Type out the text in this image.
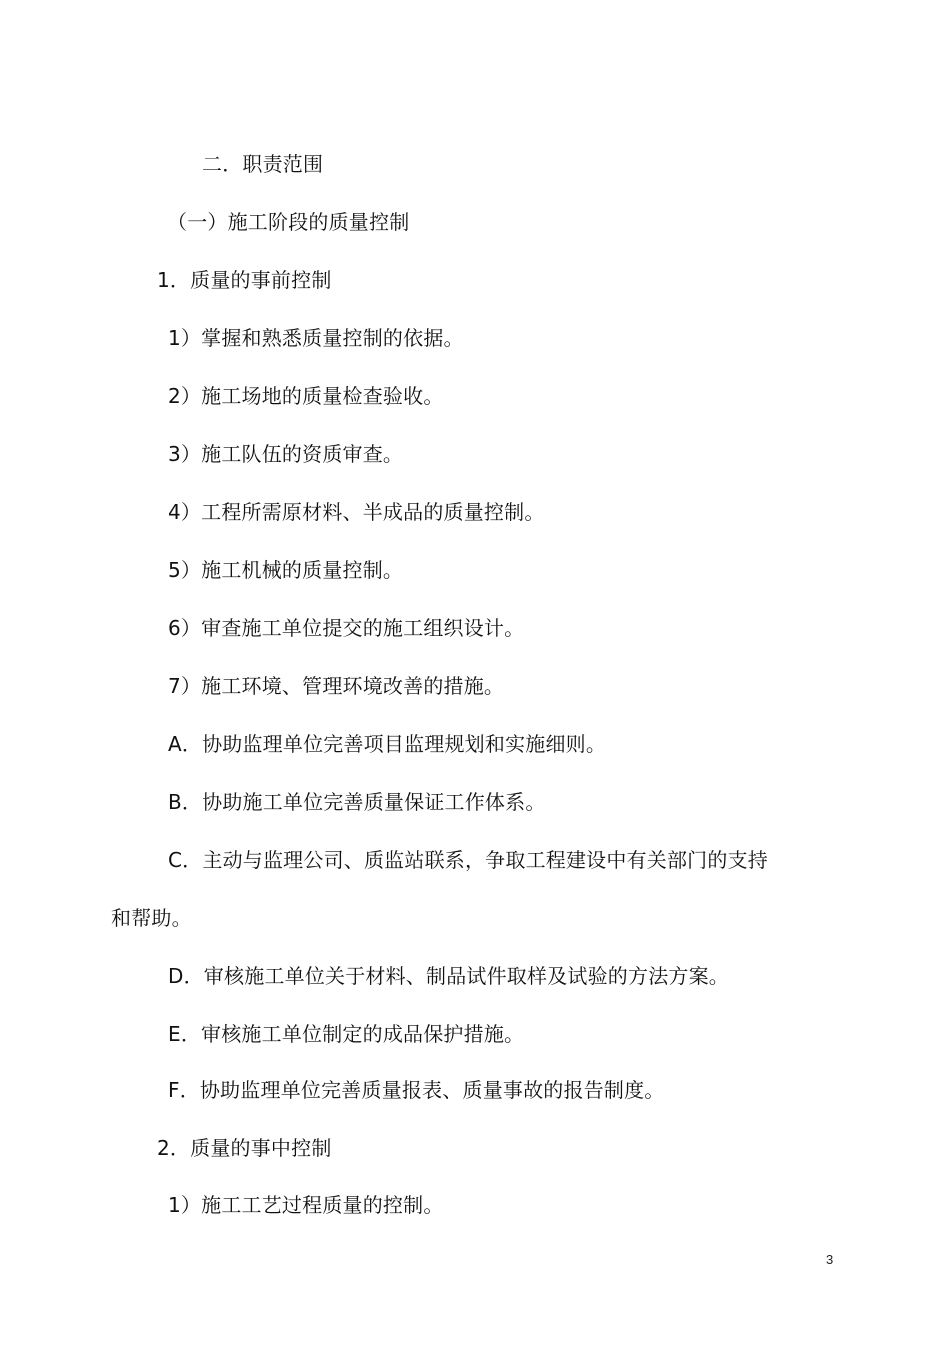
二．职责范围
（一）施工阶段的质量控制
1．质量的事前控制
1）掌握和熟悉质量控制的依据。
2）施工场地的质量检查验收。
3）施工队伍的资质审查。
4）工程所需原材料、半成品的质量控制。
5）施工机械的质量控制。
6）审查施工单位提交的施工组织设计。
7）施工环境、管理环境改善的措施。
A．协助监理单位完善项目监理规划和实施细则。
B．协助施工单位完善质量保证工作体系。
C．主动与监理公司、质监站联系，争取工程建设中有关部门的支持
和帮助。
D．审核施工单位关于材料、制品试件取样及试验的方法方案。
E．审核施工单位制定的成品保护措施。
F．协助监理单位完善质量报表、质量事故的报告制度。
2．质量的事中控制
1）施工工艺过程质量的控制。
3
